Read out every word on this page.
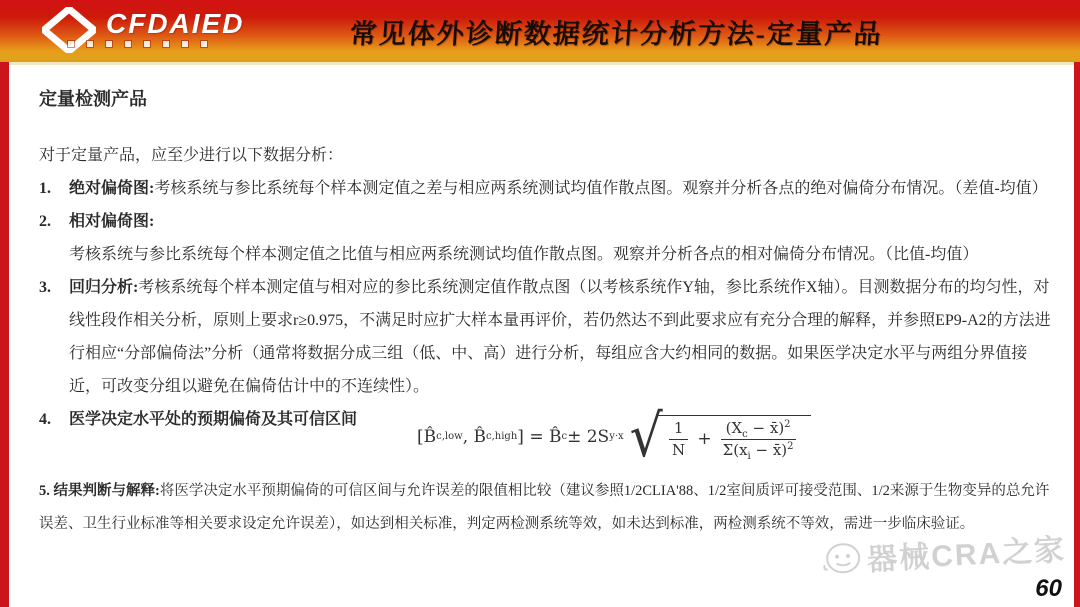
CFDAIED	常见体外诊断数据统计分析方法-定量产品
定量检测产品
对于定量产品，应至少进行以下数据分析：
1.	绝对偏倚图:考核系统与参比系统每个样本测定值之差与相应两系统测试均值作散点图。观察并分析各点的绝对偏倚分布情况。（差值-均值）
2.	相对偏倚图:考核系统与参比系统每个样本测定值之比值与相应两系统测试均值作散点图。观察并分析各点的相对偏倚分布情况。（比值-均值）
3.	回归分析:考核系统每个样本测定值与相对应的参比系统测定值作散点图（以考核系统作Y轴，参比系统作X轴）。目测数据分布的均匀性，对线性段作相关分析，原则上要求r≥0.975，不满足时应扩大样本量再评价，若仍然达不到此要求应有充分合理的解释，并参照EP9-A2的方法进行相应“分部偏倚法”分析（通常将数据分成三组（低、中、高）进行分析，每组应含大约相同的数据。如果医学决定水平与两组分界值接近，可改变分组以避免在偏倚估计中的不连续性）。
4.	医学决定水平处的预期偏倚及其可信区间
[B̂ c,low , B̂ c,high ] = B̂ c ± 2S y·x √ $\frac{1}{N} + \frac{(X_c - x̄)^2}{\Sigma(x_i - x̄)^2}$
5. 结果判断与解释:将医学决定水平预期偏倚的可信区间与允许误差的限值相比较（建议参照1/2CLIA'88、1/2室间质评可接受范围、1/2来源于生物变异的总允许误差、卫生行业标准等相关要求设定允许误差），如达到相关标准，判定两检测系统等效，如未达到标准，两检测系统不等效，需进一步临床验证。
器械CRA之家
60
